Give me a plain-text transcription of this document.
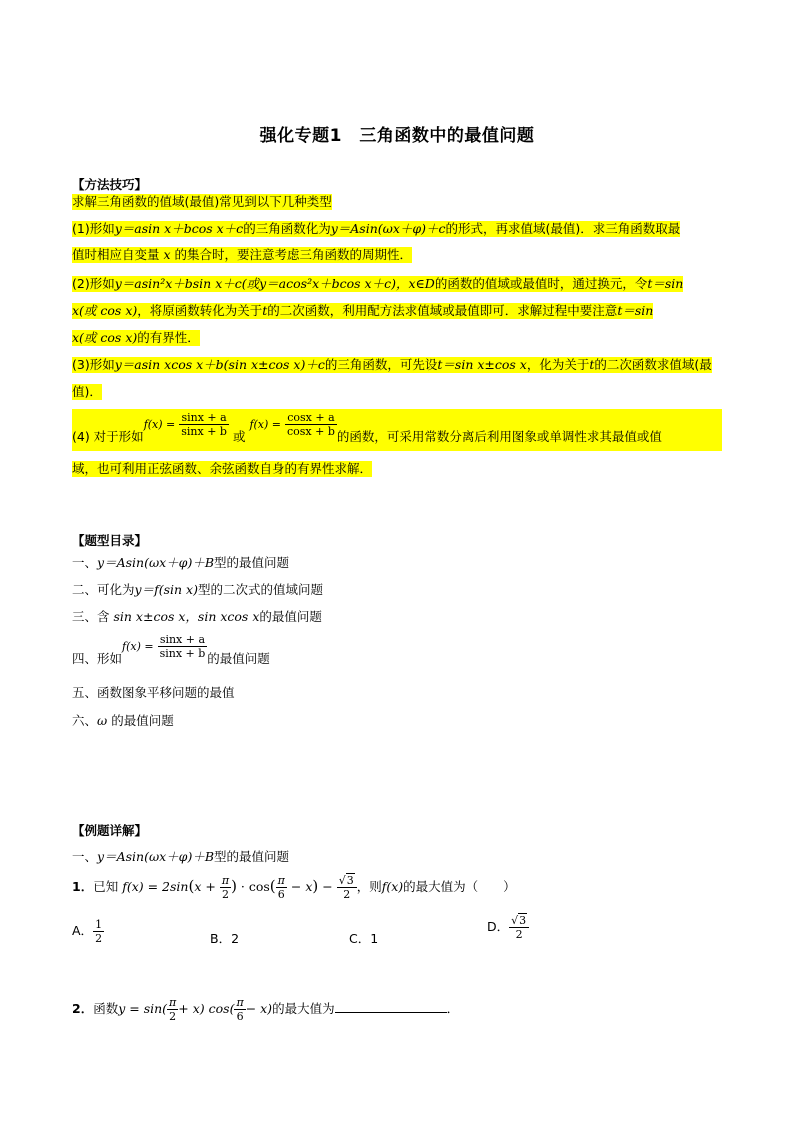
强化专题1　三角函数中的最值问题
【方法技巧】
求解三角函数的值域(最值)常见到以下几种类型
(1)形如y＝asin x＋bcos x＋c的三角函数化为y＝Asin(ωx＋φ)＋c的形式，再求值域(最值)．求三角函数取最
值时相应自变量 x 的集合时，要注意考虑三角函数的周期性．
(2)形如y＝asin²x＋bsin x＋c(或y＝acos²x＋bcos x＋c)，x∈D的函数的值域或最值时，通过换元，令t＝sin
x(或 cos x)，将原函数转化为关于t的二次函数，利用配方法求值域或最值即可．求解过程中要注意t＝sin
x(或 cos x)的有界性．
(3)形如y＝asin xcos x＋b(sin x±cos x)＋c的三角函数，可先设t＝sin x±cos x，化为关于t的二次函数求值域(最
值)．
(4) 对于形如$f(x) = \frac{\sin x + a}{\sin x + b}$ 或 $f(x) = \frac{\cos x + a}{\cos x + b}$ 的函数，可采用常数分离后利用图象或单调性求其最值或值
域，也可利用正弦函数、余弦函数自身的有界性求解．
【题型目录】
一、y＝Asin(ωx＋φ)＋B型的最值问题
二、可化为y＝f(sin x)型的二次式的值域问题
三、含 sin x±cos x，sin xcos x的最值问题
四、形如$f(x) = \frac{\sin x + a}{\sin x + b}$ 的最值问题
五、函数图象平移问题的最值
六、ω 的最值问题
【例题详解】
一、y＝Asin(ωx＋φ)＋B型的最值问题
1．已知 $f(x) = 2\sin(x + \frac{\pi}{2}$ ) · $\cos( \frac{\pi}{6} - x) - \frac{√3}{2}$ ，则f(x)的最大值为（　　）
A． $\frac{1}{2}$	B．2	C．1
D． $\frac{√3}{2}$
2．函数$y = \sin( \frac{\pi}{2} + x)$ $\cos( \frac{\pi}{6} - x)$的最大值为	．
